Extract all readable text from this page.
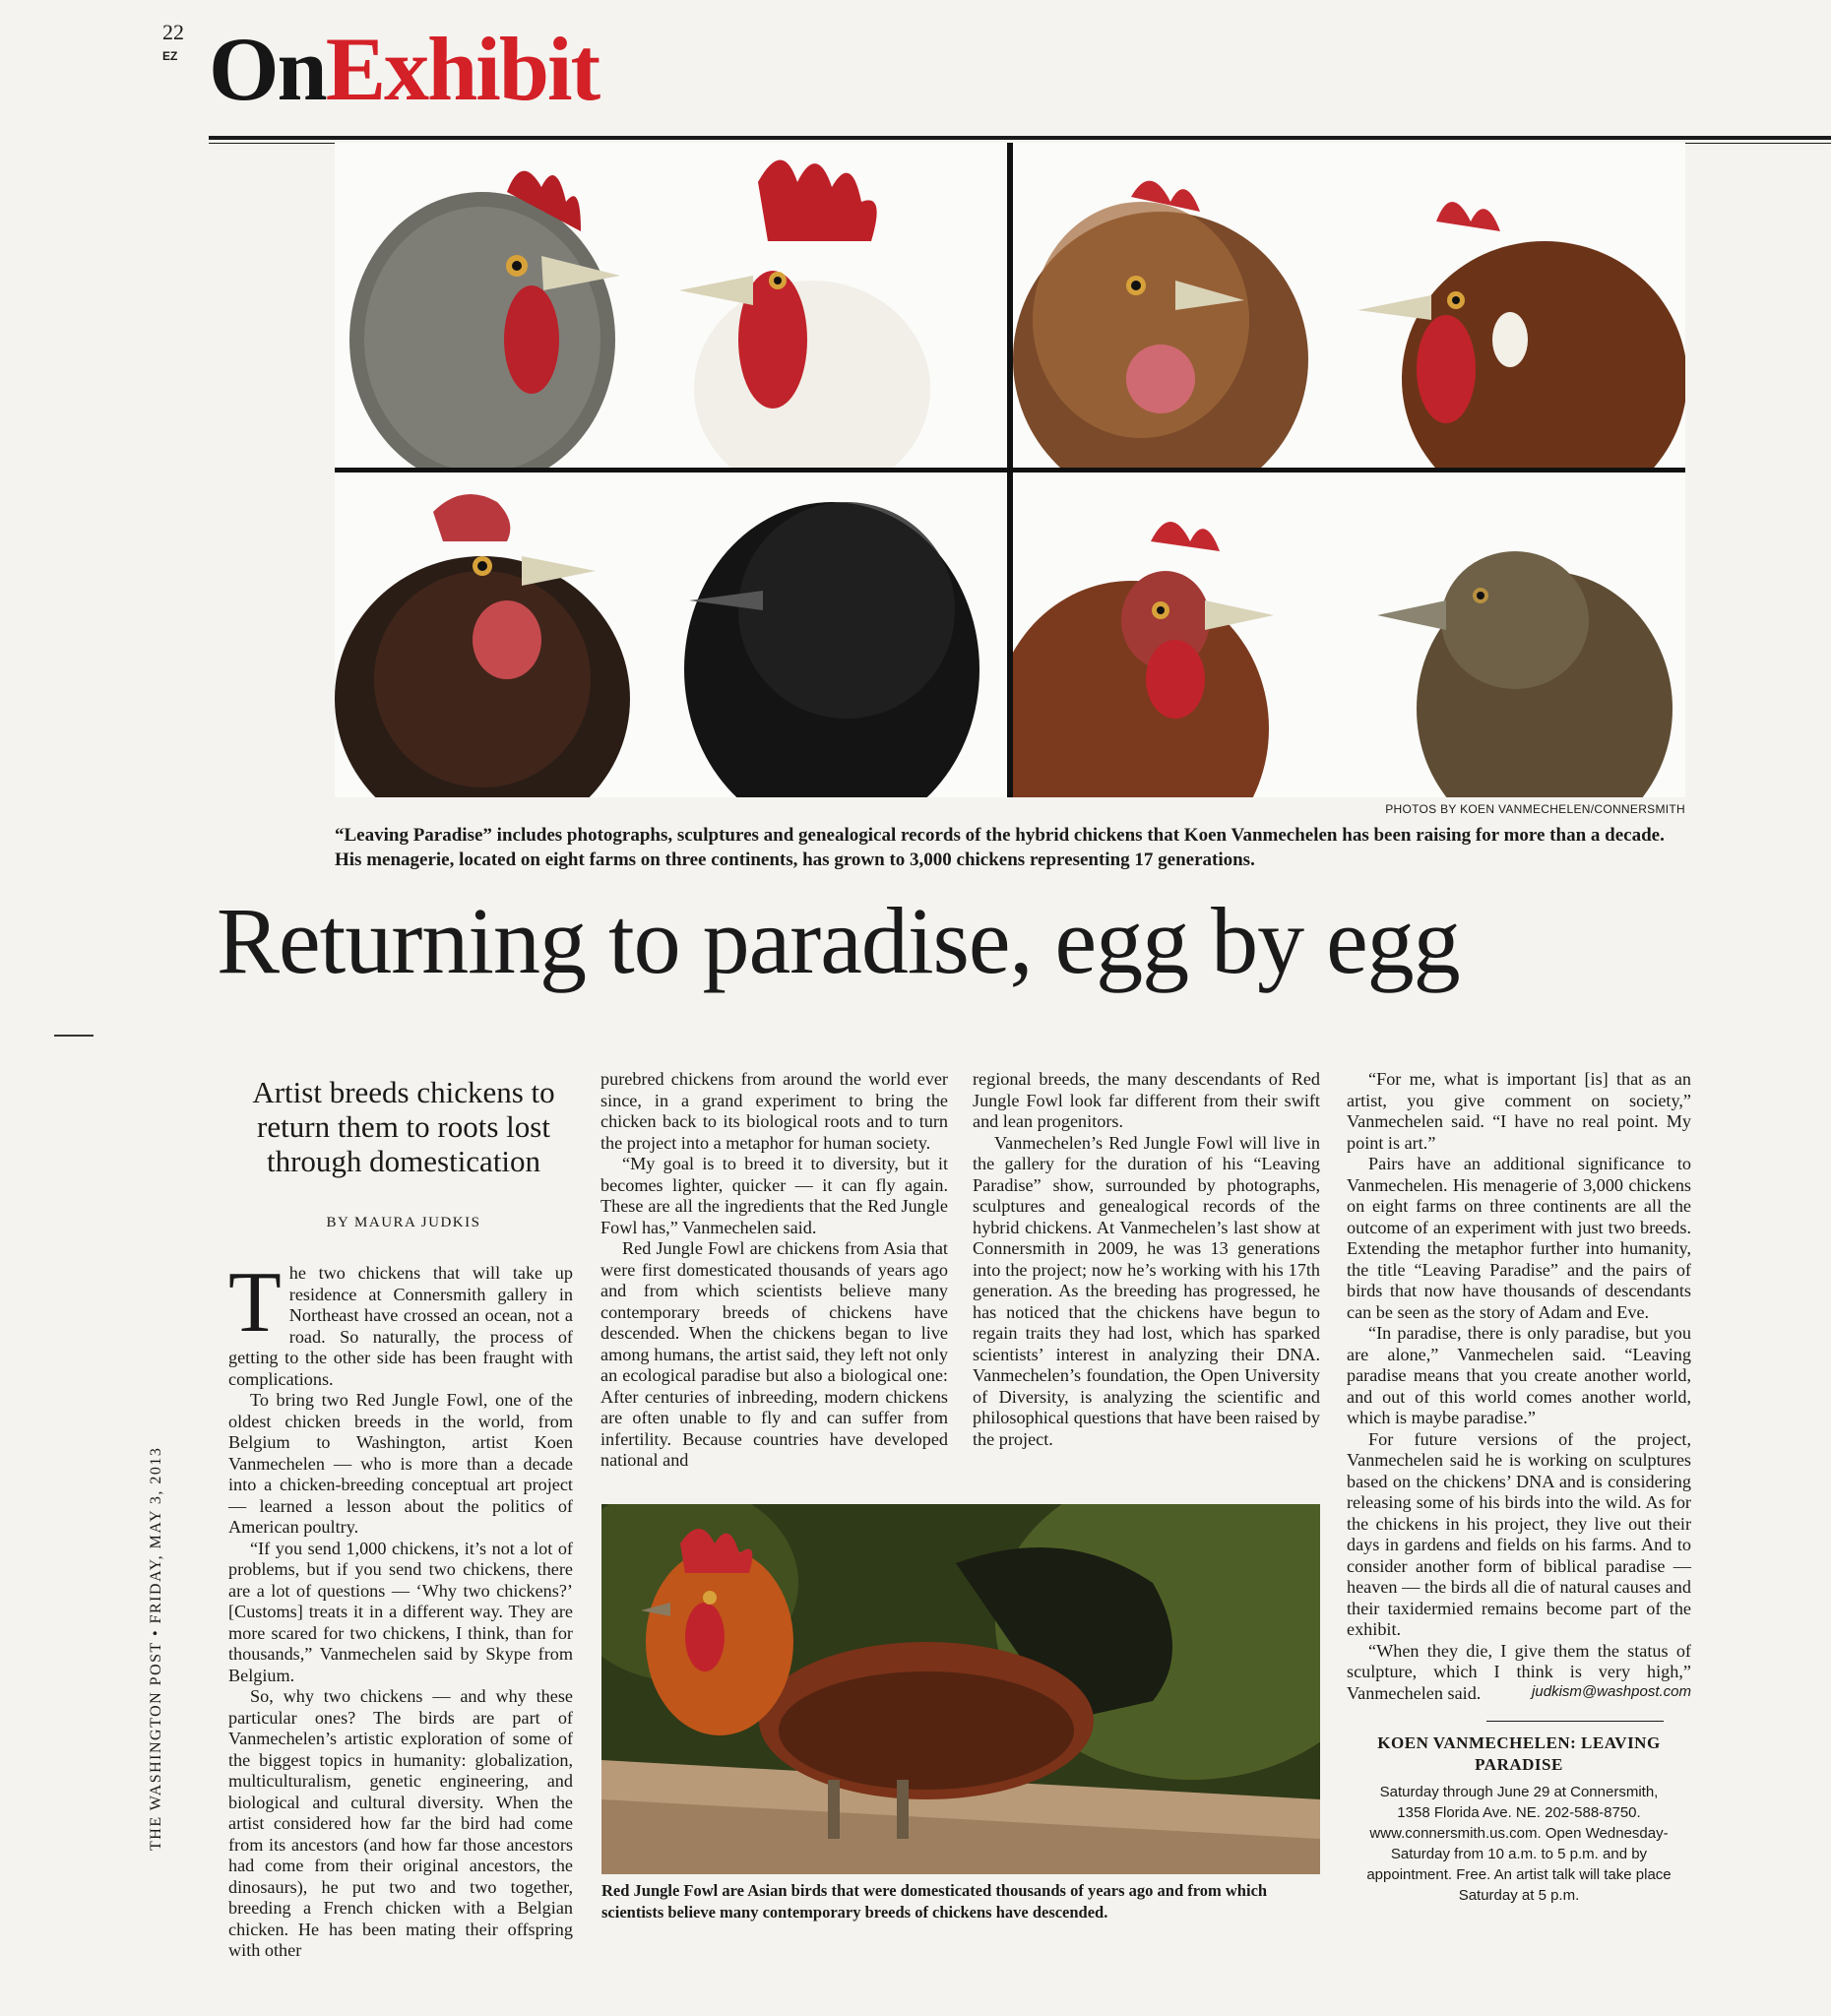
22
EZ OnExhibit
PHOTOS BY KOEN VANMECHELEN/CONNERSMITH
“Leaving Paradise” includes photographs, sculptures and genealogical records of the hybrid chickens that Koen Vanmechelen has been raising for more than a decade. His menagerie, located on eight farms on three continents, has grown to 3,000 chickens representing 17 generations.
Returning to paradise, egg by egg
Artist breeds chickens to return them to roots lost through domestication
BY MAURA JUDKIS
T he two chickens that will take up residence at Connersmith gallery in Northeast have crossed an ocean, not a road. So naturally, the process of getting to the other side has been fraught with complications.

To bring two Red Jungle Fowl, one of the oldest chicken breeds in the world, from Belgium to Washington, artist Koen Vanmechelen — who is more than a decade into a chicken-breeding conceptual art project — learned a lesson about the politics of American poultry.

“If you send 1,000 chickens, it’s not a lot of problems, but if you send two chickens, there are a lot of questions — ‘Why two chickens?’ [Customs] treats it in a different way. They are more scared for two chickens, I think, than for thousands,” Vanmechelen said by Skype from Belgium.

So, why two chickens — and why these particular ones? The birds are part of Vanmechelen’s artistic exploration of some of the biggest topics in humanity: globalization, multiculturalism, genetic engineering, and biological and cultural diversity. When the artist considered how far the bird had come from its ancestors (and how far those ancestors had come from their original ancestors, the dinosaurs), he put two and two together, breeding a French chicken with a Belgian chicken. He has been mating their offspring with other

purebred chickens from around the world ever since, in a grand experiment to bring the chicken back to its biological roots and to turn the project into a metaphor for human society.

“My goal is to breed it to diversity, but it becomes lighter, quicker — it can fly again. These are all the ingredients that the Red Jungle Fowl has,” Vanmechelen said.

Red Jungle Fowl are chickens from Asia that were first domesticated thousands of years ago and from which scientists believe many contemporary breeds of chickens have descended. When the chickens began to live among humans, the artist said, they left not only an ecological paradise but also a biological one: After centuries of inbreeding, modern chickens are often unable to fly and can suffer from infertility. Because countries have developed national and

regional breeds, the many descendants of Red Jungle Fowl look far different from their swift and lean progenitors.

Vanmechelen’s Red Jungle Fowl will live in the gallery for the duration of his “Leaving Paradise” show, surrounded by photographs, sculptures and genealogical records of the hybrid chickens. At Vanmechelen’s last show at Connersmith in 2009, he was 13 generations into the project; now he’s working with his 17th generation. As the breeding has progressed, he has noticed that the chickens have begun to regain traits they had lost, which has sparked scientists’ interest in analyzing their DNA. Vanmechelen’s foundation, the Open University of Diversity, is analyzing the scientific and philosophical questions that have been raised by the project.

“For me, what is important [is] that as an artist, you give comment on society,” Vanmechelen said. “I have no real point. My point is art.”

Pairs have an additional significance to Vanmechelen. His menagerie of 3,000 chickens on eight farms on three continents are all the outcome of an experiment with just two breeds. Extending the metaphor further into humanity, the title “Leaving Paradise” and the pairs of birds that now have thousands of descendants can be seen as the story of Adam and Eve.

“In paradise, there is only paradise, but you are alone,” Vanmechelen said. “Leaving paradise means that you create another world, and out of this world comes another world, which is maybe paradise.”

For future versions of the project, Vanmechelen said he is working on sculptures based on the chickens’ DNA and is considering releasing some of his birds into the wild. As for the chickens in his project, they live out their days in gardens and fields on his farms. And to consider another form of biblical paradise — heaven — the birds all die of natural causes and their taxidermied remains become part of the exhibit.

“When they die, I give them the status of sculpture, which I think is very high,” Vanmechelen said.

Red Jungle Fowl are Asian birds that were domesticated thousands of years ago and from which scientists believe many contemporary breeds of chickens have descended.
judkism@washpost.com
KOEN VANMECHELEN: LEAVING PARADISE
Saturday through June 29 at Connersmith,
1358 Florida Ave. NE. 202-588-8750.
www.connersmith.us.com. Open Wednesday-
Saturday from 10 a.m. to 5 p.m. and by
appointment. Free. An artist talk will take place
Saturday at 5 p.m.
THE WASHINGTON POST • FRIDAY, MAY 3, 2013
